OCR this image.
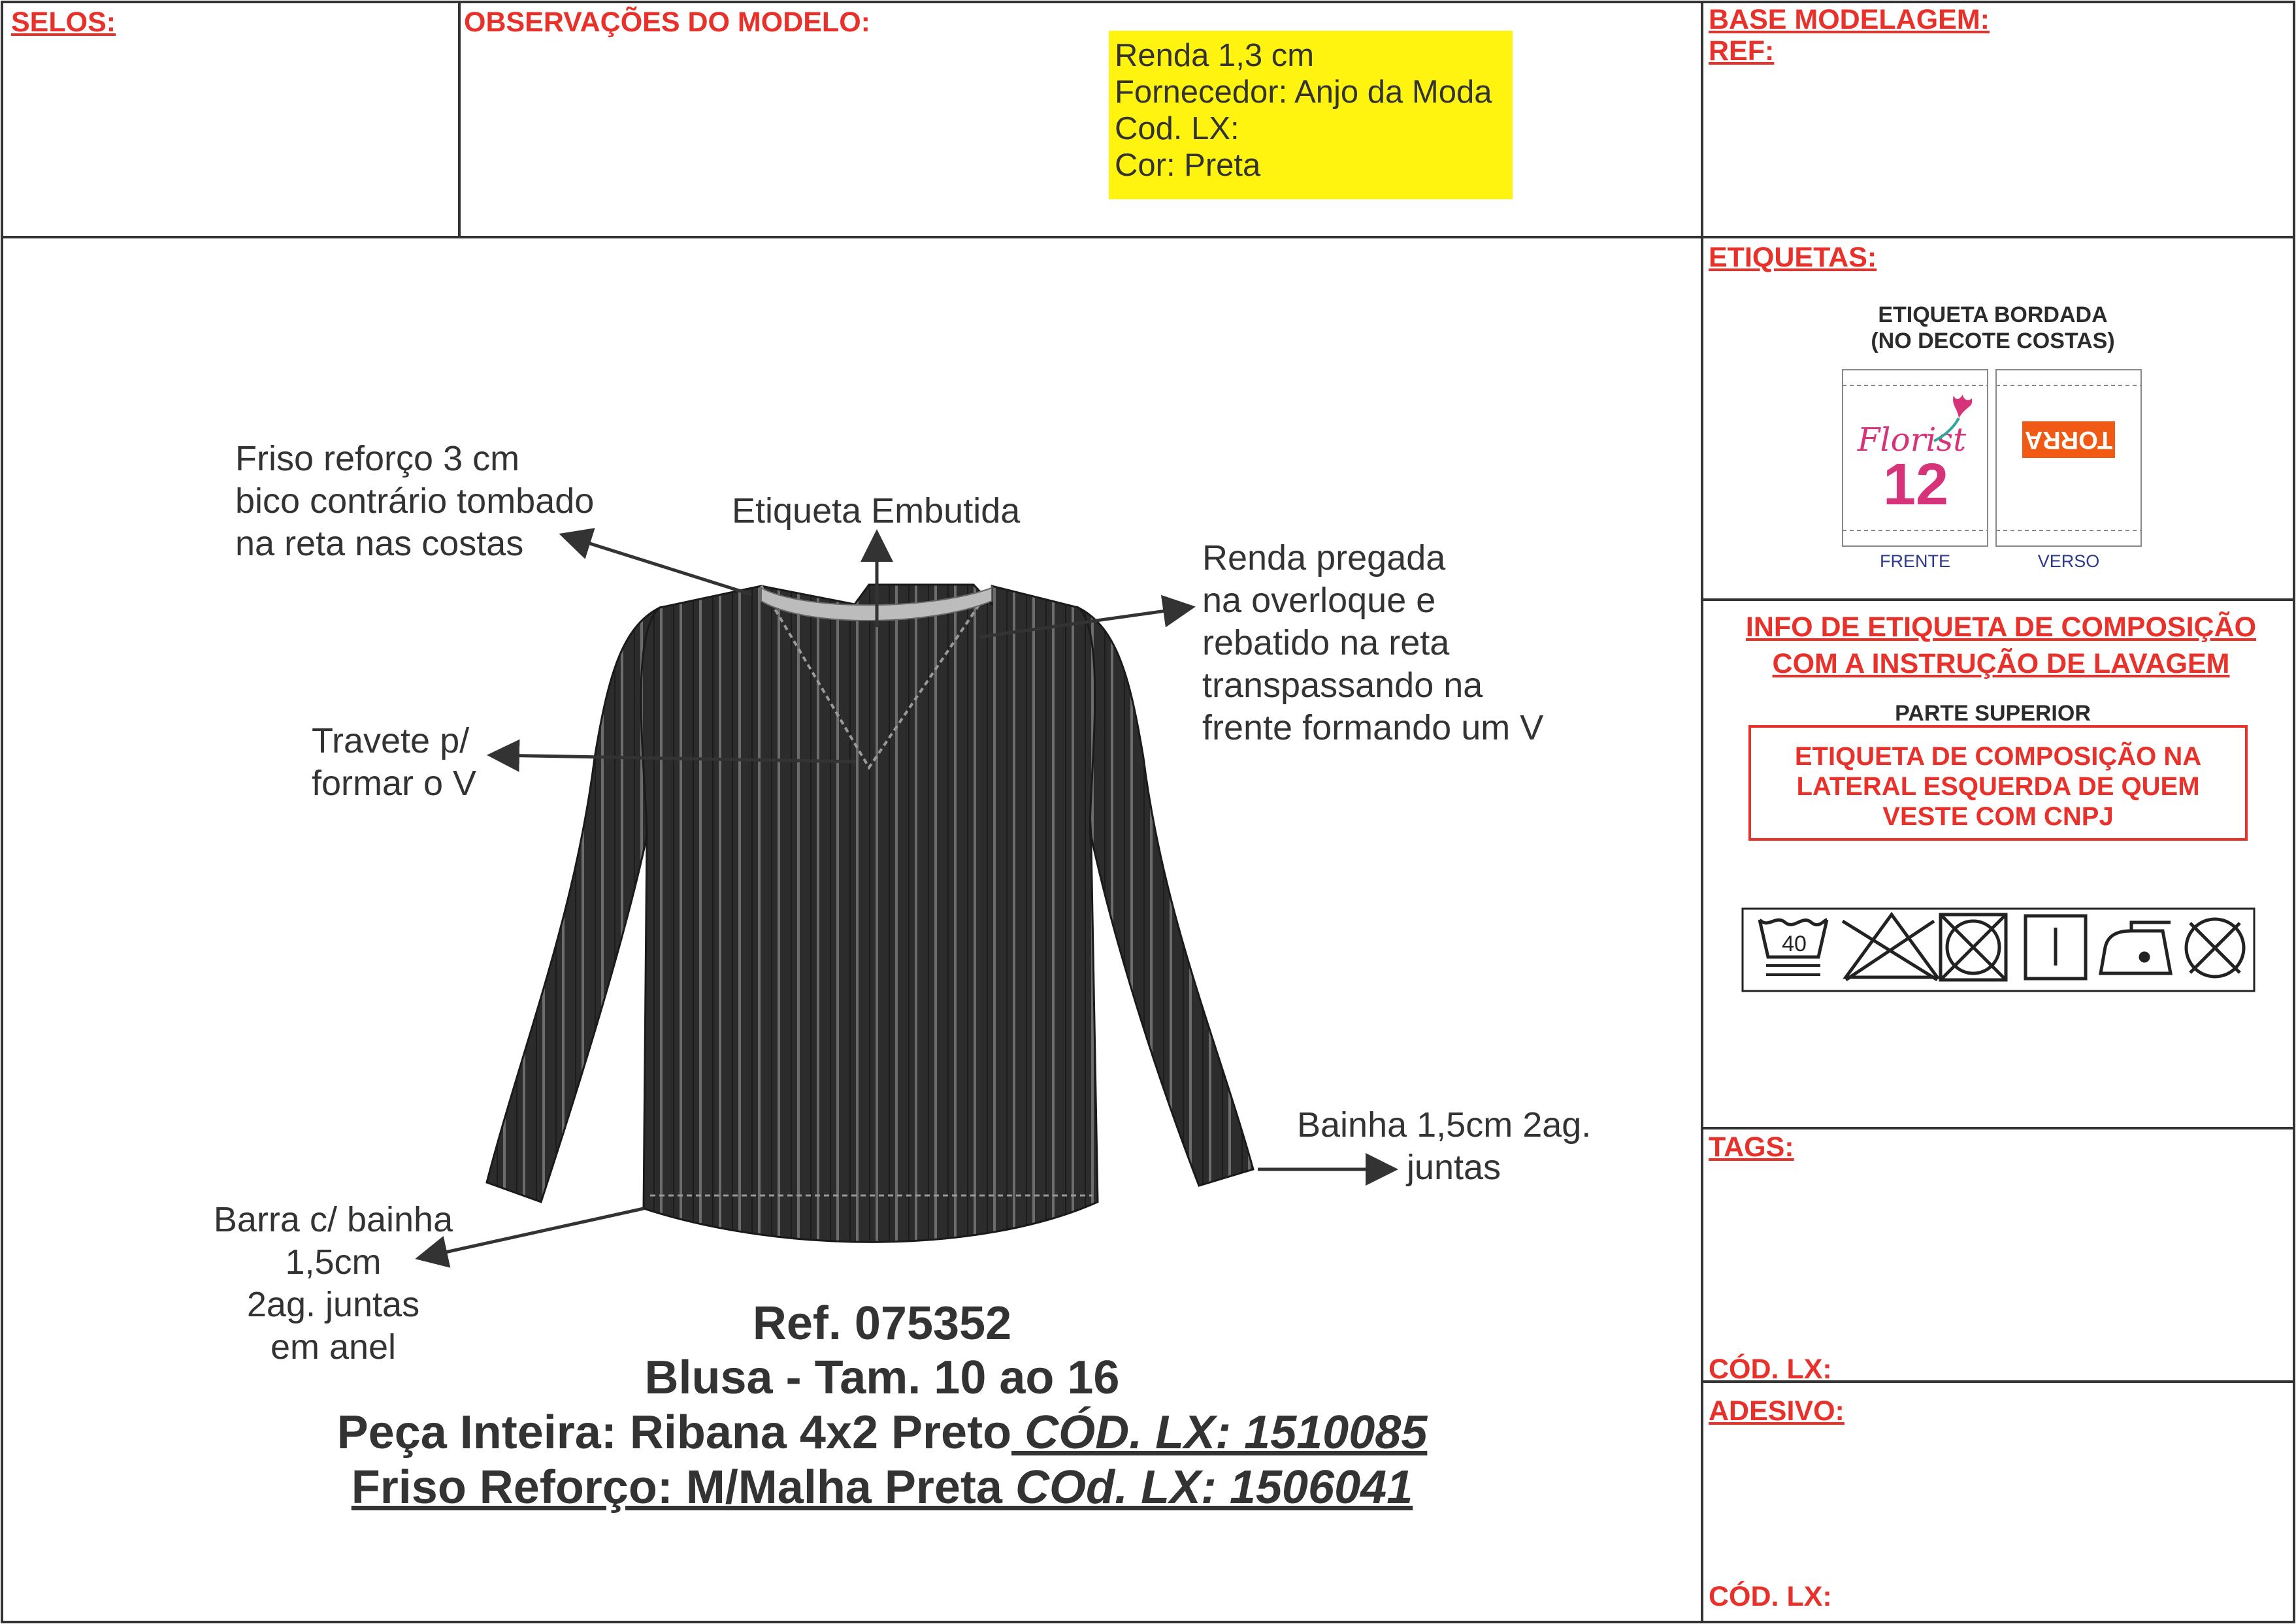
Friso reforço 3 cm
bico contrário tombado
na reta nas costas
Etiqueta Embutida
Renda pregada
na overloque e
rebatido na reta
transpassando na
frente formando um V
Travete p/
formar o V
Bainha 1,5cm 2ag.
juntas
Barra c/ bainha
1,5cm
2ag. juntas
em anel
Florist
12
TORRA
40
SELOS:	OBSERVAÇÕES DO MODELO:
Renda 1,3 cm
Fornecedor: Anjo da Moda
Cod. LX:
Cor: Preta
BASE MODELAGEM:
REF:
ETIQUETAS:
ETIQUETA BORDADA
(NO DECOTE COSTAS)
FRENTE	VERSO
INFO DE ETIQUETA DE COMPOSIÇÃO
COM A INSTRUÇÃO DE LAVAGEM
PARTE SUPERIOR
ETIQUETA DE COMPOSIÇÃO NA
LATERAL ESQUERDA DE QUEM
VESTE COM CNPJ
TAGS:
CÓD. LX:
ADESIVO:
CÓD. LX:
Ref. 075352
Blusa - Tam. 10 ao 16
Peça Inteira: Ribana 4x2 Preto CÓD. LX: 1510085
Friso Reforço: M/Malha Preta COd. LX: 1506041
